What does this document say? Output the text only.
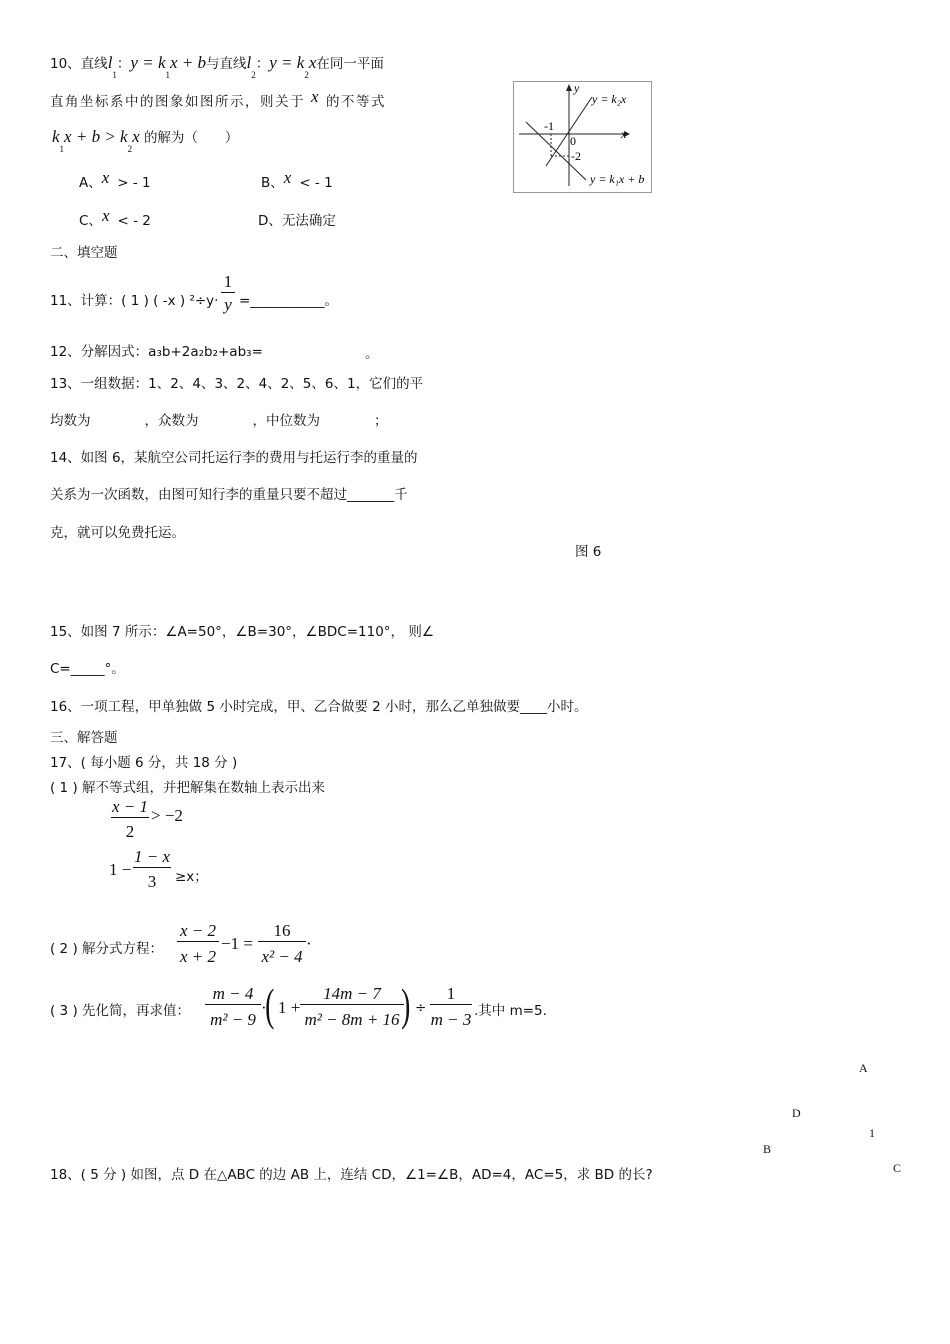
10、直线$l_1$：$y = k_1x + b$与直线$l_2$：$y = k_2x$在同一平面
直角坐标系中的图象如图所示，则关于 x 的不等式
$k_1x + b > k_2x$ 的解为（　　）
A、x > - 1	B、x < - 1
C、x < - 2	D、无法确定
y
x
0
-1
-2
y = k₂x
y = k₁x + b
二、填空题
11、计算：( 1 ) ( -x ) $^2\div y\cdot \frac{1}{y}$ =___________。
12、分解因式：a₃b+2a₂b₂+ab₃=	。
13、一组数据：1、2、4、3、2、4、2、5、6、1，它们的平
均数为	，众数为	，中位数为	；
14、如图 6，某航空公司托运行李的费用与托运行李的重量的
关系为一次函数，由图可知行李的重量只要不超过_______千
克，就可以免费托运。
图 6
15、如图 7 所示：∠A=50°，∠B=30°，∠BDC=110°， 则∠
C=_____°。
16、一项工程，甲单独做 5 小时完成，甲、乙合做要 2 小时，那么乙单独做要____小时。
三、解答题
17、( 每小题 6 分，共 18 分 )
( 1 ) 解不等式组，并把解集在数轴上表示出来
$\frac{x - 1}{2} > -2$
$1 - \frac{1 - x}{3} \ge x$；
( 2 ) 解分式方程： $\frac{x - 2}{x + 2} -1 = \frac{16}{\text{x² − 4}}$ ·
( 3 ) 先化简，再求值： $\frac{m - 4}{\text{m² − 9}}$ ·
( $1 + \frac{14m - 7}{\text{m² − 8m + 16}}$
) ÷ $\frac{1}{m - 3}$ .其中 m=5.
A
D
1
B
C
18、( 5 分 ) 如图，点 D 在△ABC 的边 AB 上，连结 CD，∠1=∠B，AD=4，AC=5，求 BD 的长?
